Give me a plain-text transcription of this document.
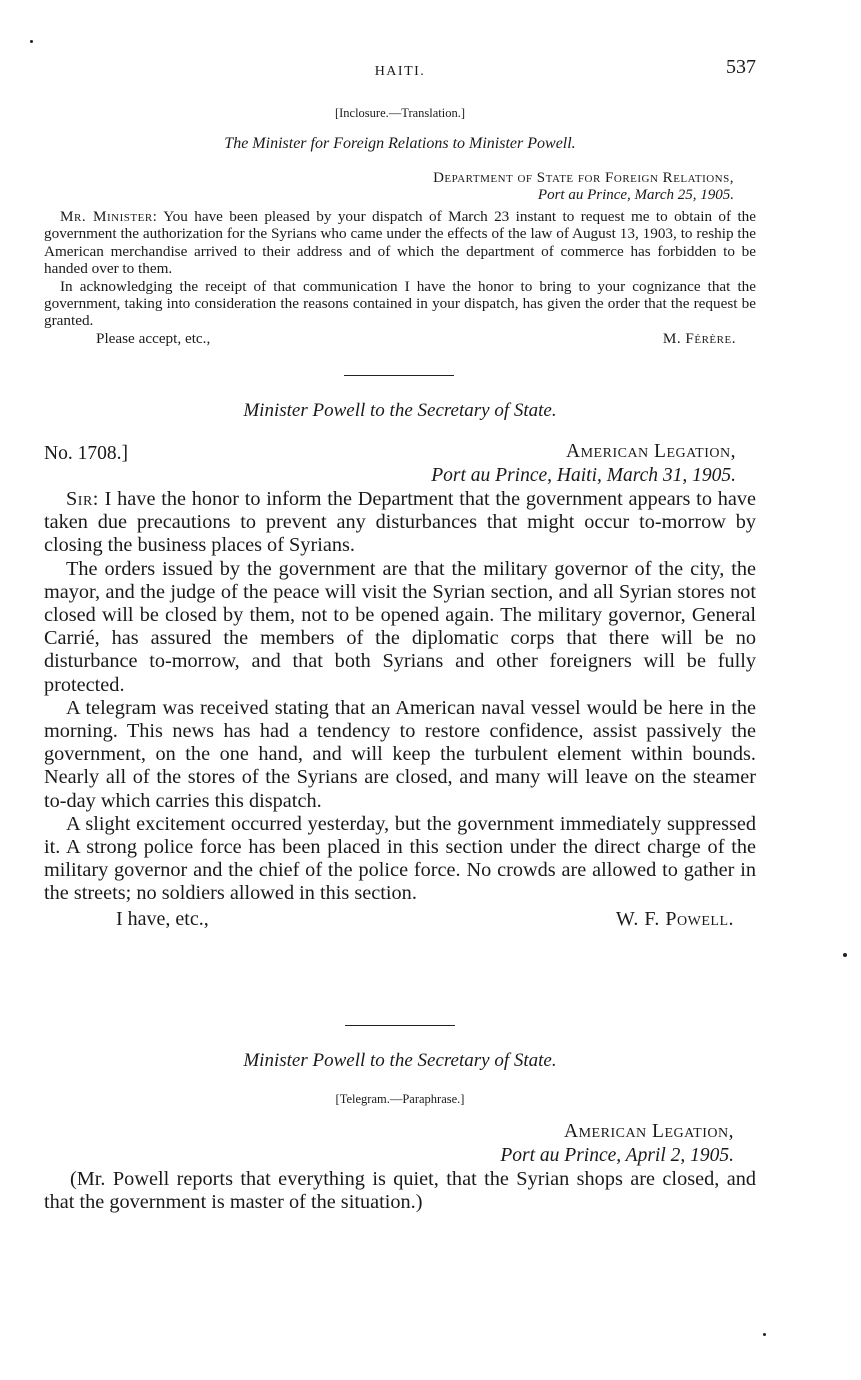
HAITI.	537
[Inclosure.—Translation.]
The Minister for Foreign Relations to Minister Powell.
Department of State for Foreign Relations,
Port au Prince, March 25, 1905.

Mr. Minister: You have been pleased by your dispatch of March 23 instant to request me to obtain of the government the authorization for the Syrians who came under the effects of the law of August 13, 1903, to reship the American merchandise arrived to their address and of which the department of commerce has forbidden to be handed over to them.

In acknowledging the receipt of that communication I have the honor to bring to your cognizance that the government, taking into consideration the reasons contained in your dispatch, has given the order that the request be granted.

Please accept, etc.,	M. Férère.
Minister Powell to the Secretary of State.
No. 1708.]	American Legation,
Port au Prince, Haiti, March 31, 1905.

Sir: I have the honor to inform the Department that the government appears to have taken due precautions to prevent any disturbances that might occur to-morrow by closing the business places of Syrians.

The orders issued by the government are that the military governor of the city, the mayor, and the judge of the peace will visit the Syrian section, and all Syrian stores not closed will be closed by them, not to be opened again. The military governor, General Carrié, has assured the members of the diplomatic corps that there will be no disturbance to-morrow, and that both Syrians and other foreigners will be fully protected.

A telegram was received stating that an American naval vessel would be here in the morning. This news has had a tendency to restore confidence, assist passively the government, on the one hand, and will keep the turbulent element within bounds. Nearly all of the stores of the Syrians are closed, and many will leave on the steamer to-day which carries this dispatch.

A slight excitement occurred yesterday, but the government immediately suppressed it. A strong police force has been placed in this section under the direct charge of the military governor and the chief of the police force. No crowds are allowed to gather in the streets; no soldiers allowed in this section.

I have, etc.,	W. F. Powell.
Minister Powell to the Secretary of State.
[Telegram.—Paraphrase.]
American Legation,
Port au Prince, April 2, 1905.

(Mr. Powell reports that everything is quiet, that the Syrian shops are closed, and that the government is master of the situation.)
